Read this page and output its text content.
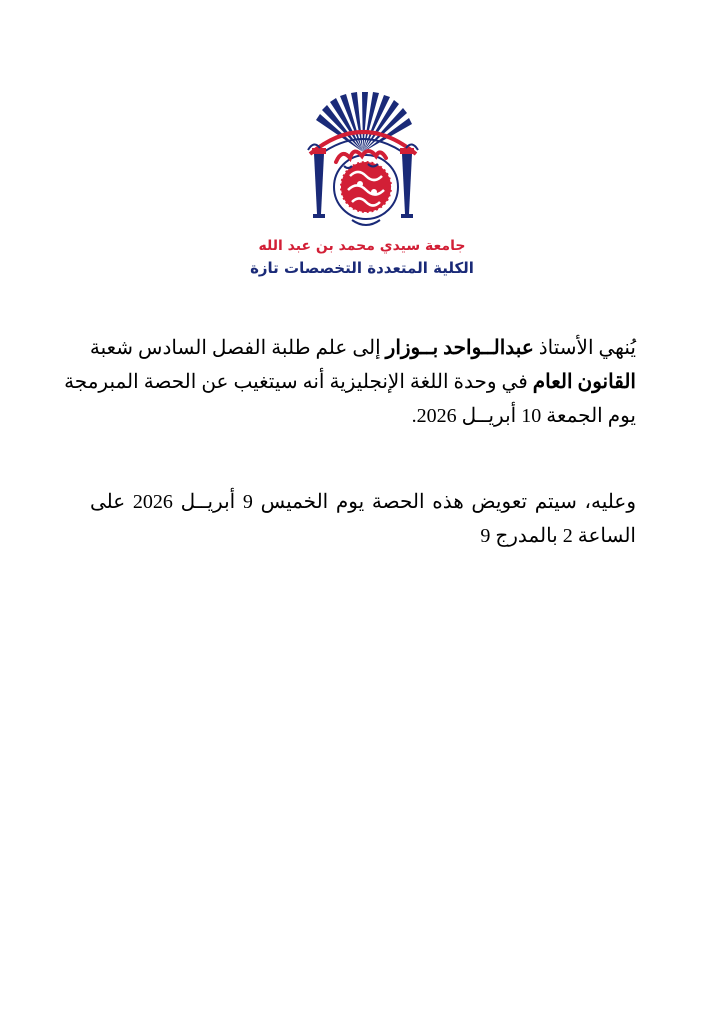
جامعة سيدي محمد بن عبد الله
الكلية المتعددة التخصصات تازة
يُنهي الأستاذ عبدالــواحد بــوزار إلى علم طلبة الفصل السادس شعبة
القانون العام في وحدة اللغة الإنجليزية أنه سيتغيب عن الحصة المبرمجة
يوم الجمعة 10 أبريــل 2026.
وعليه، سيتم تعويض هذه الحصة يوم الخميس 9 أبريــل 2026 على
الساعة 2 بالمدرج 9
